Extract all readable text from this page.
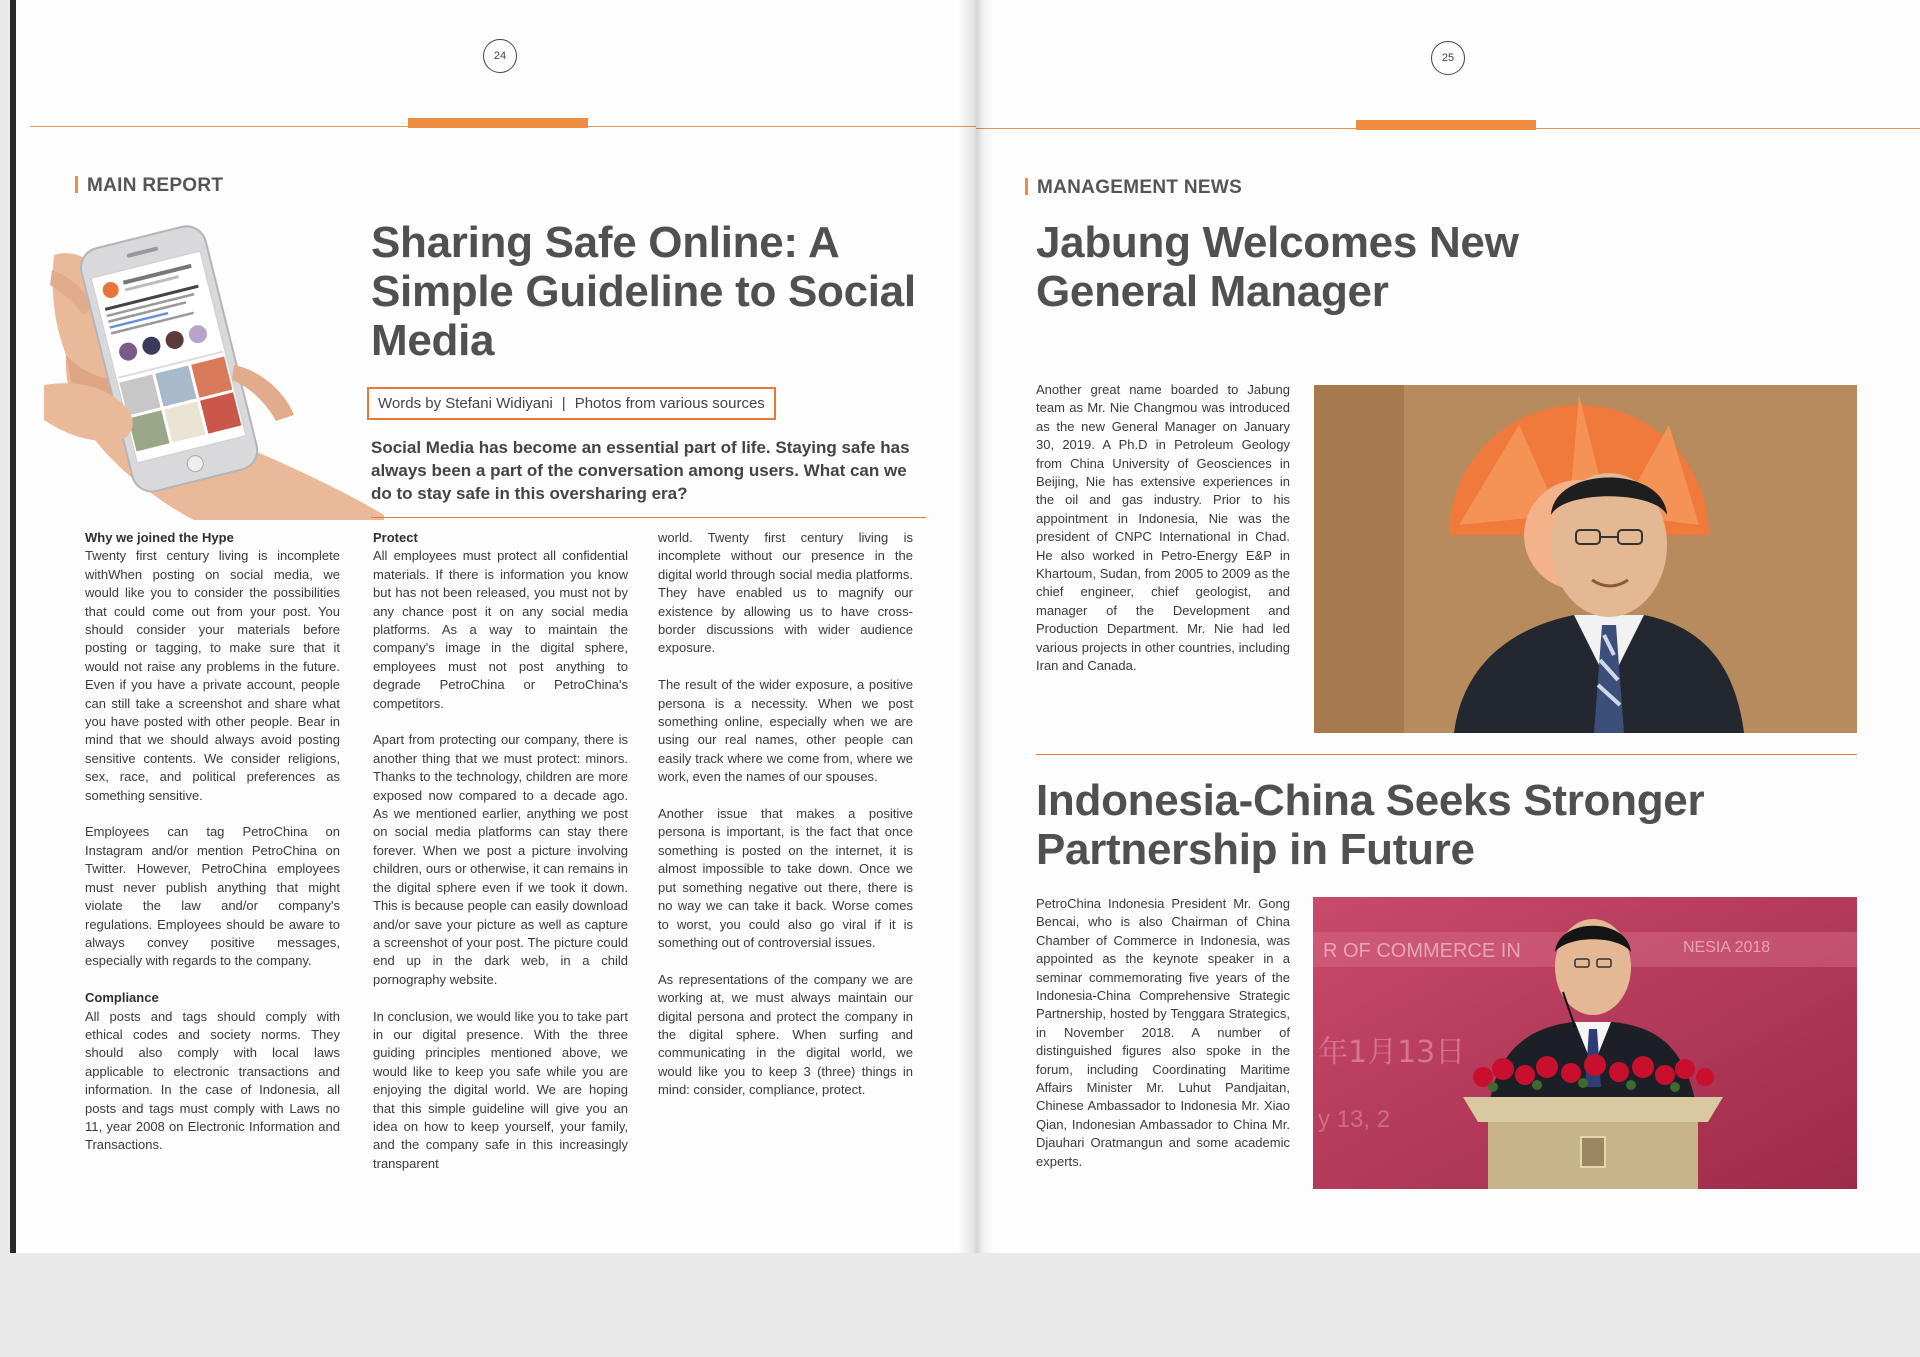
24
MAIN REPORT
Sharing Safe Online: A Simple Guideline to Social Media
Words by Stefani Widiyani | Photos from various sources
Social Media has become an essential part of life. Staying safe has always been a part of the conversation among users. What can we do to stay safe in this oversharing era?
Why we joined the Hype

Twenty first century living is incomplete withWhen posting on social media, we would like you to consider the possibilities that could come out from your post. You should consider your materials before posting or tagging, to make sure that it would not raise any problems in the future. Even if you have a private account, people can still take a screenshot and share what you have posted with other people. Bear in mind that we should always avoid posting sensitive contents. We consider religions, sex, race, and political preferences as something sensitive.

Employees can tag PetroChina on Instagram and/or mention PetroChina on Twitter. However, PetroChina employees must never publish anything that might violate the law and/or company's regulations. Employees should be aware to always convey positive messages, especially with regards to the company.

Compliance

All posts and tags should comply with ethical codes and society norms. They should also comply with local laws applicable to electronic transactions and information. In the case of Indonesia, all posts and tags must comply with Laws no 11, year 2008 on Electronic Information and Transactions.

Protect

All employees must protect all confidential materials. If there is information you know but has not been released, you must not by any chance post it on any social media platforms. As a way to maintain the company's image in the digital sphere, employees must not post anything to degrade PetroChina or PetroChina's competitors.

Apart from protecting our company, there is another thing that we must protect: minors. Thanks to the technology, children are more exposed now compared to a decade ago. As we mentioned earlier, anything we post on social media platforms can stay there forever. When we post a picture involving children, ours or otherwise, it can remains in the digital sphere even if we took it down. This is because people can easily download and/or save your picture as well as capture a screenshot of your post. The picture could end up in the dark web, in a child pornography website.

In conclusion, we would like you to take part in our digital presence. With the three guiding principles mentioned above, we would like to keep you safe while you are enjoying the digital world. We are hoping that this simple guideline will give you an idea on how to keep yourself, your family, and the company safe in this increasingly transparent

world. Twenty first century living is incomplete without our presence in the digital world through social media platforms. They have enabled us to magnify our existence by allowing us to have cross-border discussions with wider audience exposure.

The result of the wider exposure, a positive persona is a necessity. When we post something online, especially when we are using our real names, other people can easily track where we come from, where we work, even the names of our spouses.

Another issue that makes a positive persona is important, is the fact that once something is posted on the internet, it is almost impossible to take down. Once we put something negative out there, there is no way we can take it back. Worse comes to worst, you could also go viral if it is something out of controversial issues.

As representations of the company we are working at, we must always maintain our digital persona and protect the company in the digital sphere. When surfing and communicating in the digital world, we would like you to keep 3 (three) things in mind: consider, compliance, protect.

25
MANAGEMENT NEWS
Jabung Welcomes New General Manager
Another great name boarded to Jabung team as Mr. Nie Changmou was introduced as the new General Manager on January 30, 2019. A Ph.D in Petroleum Geology from China University of Geosciences in Beijing, Nie has extensive experiences in the oil and gas industry. Prior to his appointment in Indonesia, Nie was the president of CNPC International in Chad. He also worked in Petro-Energy E&P in Khartoum, Sudan, from 2005 to 2009 as the chief engineer, chief geologist, and manager of the Development and Production Department. Mr. Nie had led various projects in other countries, including Iran and Canada.
Indonesia-China Seeks Stronger Partnership in Future
PetroChina Indonesia President Mr. Gong Bencai, who is also Chairman of China Chamber of Commerce in Indonesia, was appointed as the keynote speaker in a seminar commemorating five years of the Indonesia-China Comprehensive Strategic Partnership, hosted by Tenggara Strategics, in November 2018. A number of distinguished figures also spoke in the forum, including Coordinating Maritime Affairs Minister Mr. Luhut Pandjaitan, Chinese Ambassador to Indonesia Mr. Xiao Qian, Indonesian Ambassador to China Mr. Djauhari Oratmangun and some academic experts.
R OF COMMERCE IN	NESIA 2018
年1月13日
y 13, 2
